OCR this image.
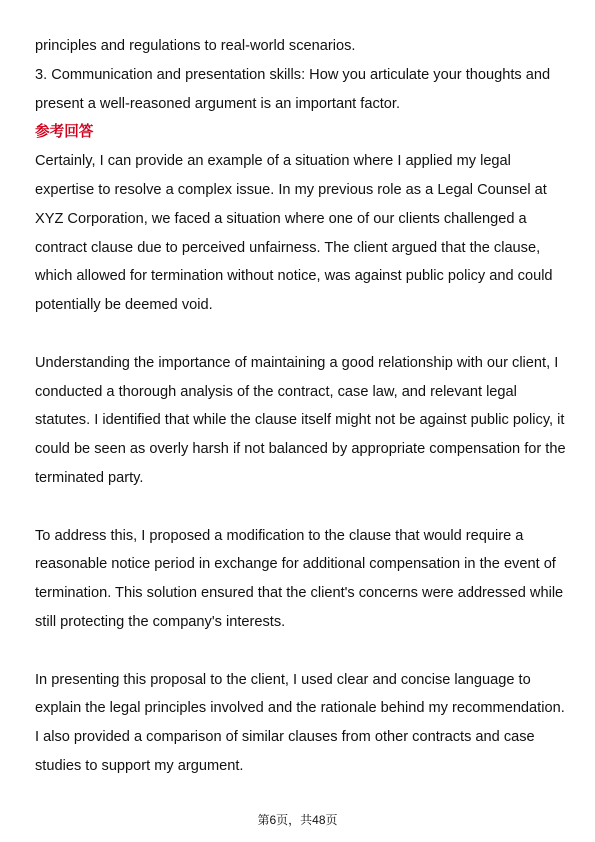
principles and regulations to real-world scenarios.
3. Communication and presentation skills: How you articulate your thoughts and
present a well-reasoned argument is an important factor.
参考回答
Certainly, I can provide an example of a situation where I applied my legal
expertise to resolve a complex issue. In my previous role as a Legal Counsel at
XYZ Corporation, we faced a situation where one of our clients challenged a
contract clause due to perceived unfairness. The client argued that the clause,
which allowed for termination without notice, was against public policy and could
potentially be deemed void.
Understanding the importance of maintaining a good relationship with our client, I
conducted a thorough analysis of the contract, case law, and relevant legal
statutes. I identified that while the clause itself might not be against public policy, it
could be seen as overly harsh if not balanced by appropriate compensation for the
terminated party.
To address this, I proposed a modification to the clause that would require a
reasonable notice period in exchange for additional compensation in the event of
termination. This solution ensured that the client's concerns were addressed while
still protecting the company's interests.
In presenting this proposal to the client, I used clear and concise language to
explain the legal principles involved and the rationale behind my recommendation.
I also provided a comparison of similar clauses from other contracts and case
studies to support my argument.
第6页，共48页
